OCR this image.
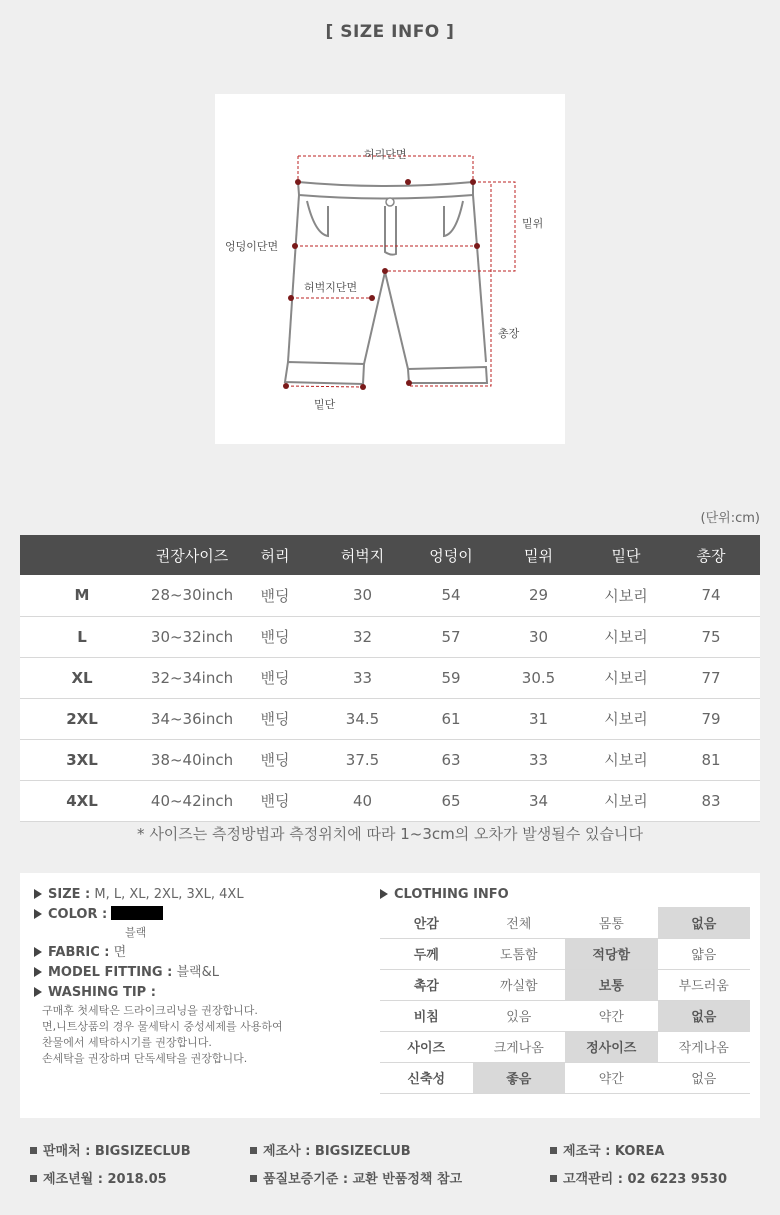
[ SIZE INFO ]
허리단면
밑위
엉덩이단면
허벅지단면
총장
밑단
(단위:cm)
	권장사이즈	허리	허벅지	엉덩이	밑위	밑단	총장
M	28~30inch	밴딩	30	54	29	시보리	74
L	30~32inch	밴딩	32	57	30	시보리	75
XL	32~34inch	밴딩	33	59	30.5	시보리	77
2XL	34~36inch	밴딩	34.5	61	31	시보리	79
3XL	38~40inch	밴딩	37.5	63	33	시보리	81
4XL	40~42inch	밴딩	40	65	34	시보리	83
* 사이즈는 측정방법과 측정위치에 따라 1~3cm의 오차가 발생될수 있습니다
SIZE : M, L, XL, 2XL, 3XL, 4XL
COLOR :
블랙
FABRIC : 면
MODEL FITTING : 블랙&L
WASHING TIP :
구매후 첫세탁은 드라이크리닝을 권장합니다.
면,니트상품의 경우 물세탁시 중성세제를 사용하여
찬물에서 세탁하시기를 권장합니다.
손세탁을 권장하며 단독세탁을 권장합니다.
CLOTHING INFO
안감	전체	몸통	없음
두께	도톰함	적당함	얇음
촉감	까실함	보통	부드러움
비침	있음	약간	없음
사이즈	크게나옴	정사이즈	작게나옴
신축성	좋음	약간	없음
판매처 : BIGSIZECLUB	제조사 : BIGSIZECLUB	제조국 : KOREA
제조년월 : 2018.05	품질보증기준 : 교환 반품정책 참고	고객관리 : 02 6223 9530
